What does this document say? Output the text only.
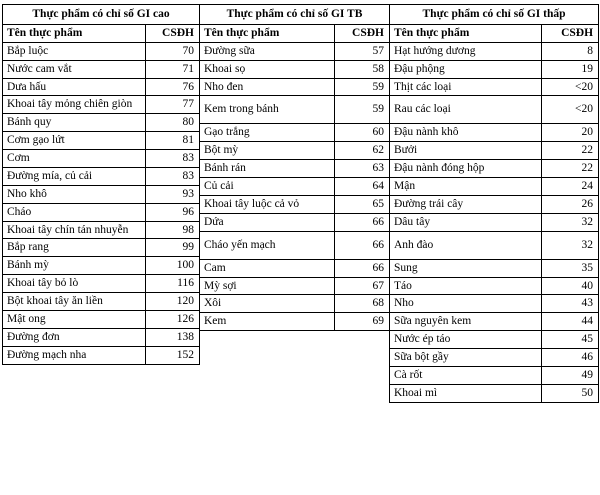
Thực phẩm có chỉ số GI cao	
Tên thực phẩm	CSĐH
Bắp luộc	70
Nước cam vắt	71
Dưa hấu	76
Khoai tây mỏng chiên giòn	77
Bánh quy	80
Cơm gạo lứt	81
Cơm	83
Đường mía, củ cải	83
Nho khô	93
Cháo	96
Khoai tây chín tán nhuyễn	98
Bắp rang	99
Bánh mỳ	100
Khoai tây bỏ lò	116
Bột khoai tây ăn liền	120
Mật ong	126
Đường đơn	138
Đường mạch nha	152
Thực phẩm có chỉ số GI TB	
Tên thực phẩm	CSĐH
Đường sữa	57
Khoai sọ	58
Nho đen	59
Kem trong bánh	59
Gạo trắng	60
Bột mỳ	62
Bánh rán	63
Củ cải	64
Khoai tây luộc cả vỏ	65
Dứa	66
Cháo yến mạch	66
Cam	66
Mỳ sợi	67
Xôi	68
Kem	69
Thực phẩm có chỉ số GI thấp	
Tên thực phẩm	CSĐH
Hạt hướng dương	8
Đậu phộng	19
Thịt các loại	<20
Rau các loại	<20
Đậu nành khô	20
Bưởi	22
Đậu nành đóng hộp	22
Mận	24
Đường trái cây	26
Dâu tây	32
Anh đào	32
Sung	35
Táo	40
Nho	43
Sữa nguyên kem	44
Nước ép táo	45
Sữa bột gầy	46
Cà rốt	49
Khoai mì	50
